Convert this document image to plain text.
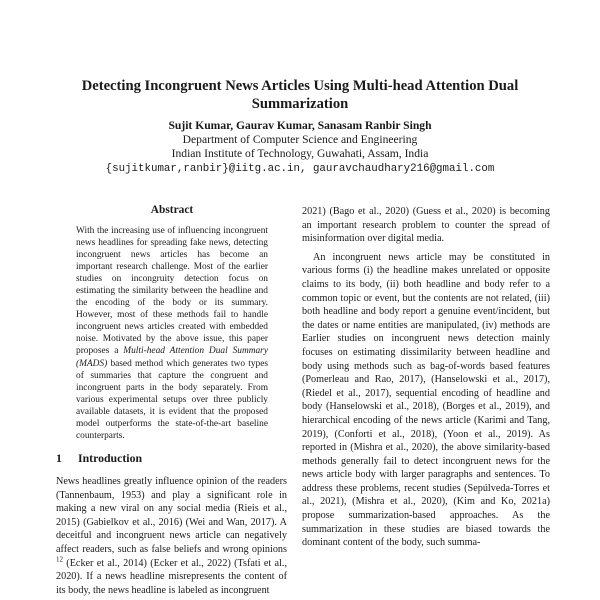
Detecting Incongruent News Articles Using Multi-head Attention Dual Summarization
Sujit Kumar, Gaurav Kumar, Sanasam Ranbir Singh
Department of Computer Science and Engineering
Indian Institute of Technology, Guwahati, Assam, India
{sujitkumar,ranbir}@iitg.ac.in, gauravchaudhary216@gmail.com
Abstract
With the increasing use of influencing incongruent news headlines for spreading fake news, detecting incongruent news articles has become an important research challenge. Most of the earlier studies on incongruity detection focus on estimating the similarity between the headline and the encoding of the body or its summary. However, most of these methods fail to handle incongruent news articles created with embedded noise. Motivated by the above issue, this paper proposes a Multi-head Attention Dual Summary (MADS) based method which generates two types of summaries that capture the congruent and incongruent parts in the body separately. From various experimental setups over three publicly available datasets, it is evident that the proposed model outperforms the state-of-the-art baseline counterparts.
1 Introduction

News headlines greatly influence opinion of the readers (Tannenbaum, 1953) and play a significant role in making a new viral on any social media (Rieis et al., 2015) (Gabielkov et al., 2016) (Wei and Wan, 2017). A deceitful and incongruent news article can negatively affect readers, such as false beliefs and wrong opinions $^{12}$ (Ecker et al., 2014) (Ecker et al., 2022) (Tsfati et al., 2020). If a news headline misrepresents the content of its body, the news headline is labeled as incongruent

2021) (Bago et al., 2020) (Guess et al., 2020) is becoming an important research problem to counter the spread of misinformation over digital media.

An incongruent news article may be constituted in various forms (i) the headline makes unrelated or opposite claims to its body, (ii) both headline and body refer to a common topic or event, but the contents are not related, (iii) both headline and body report a genuine event/incident, but the dates or name entities are manipulated, (iv) methods are Earlier studies on incongruent news detection mainly focuses on estimating dissimilarity between headline and body using methods such as bag-of-words based features (Pomerleau and Rao, 2017), (Hanselowski et al., 2017), (Riedel et al., 2017), sequential encoding of headline and body (Hanselowski et al., 2018), (Borges et al., 2019), and hierarchical encoding of the news article (Karimi and Tang, 2019), (Conforti et al., 2018), (Yoon et al., 2019). As reported in (Mishra et al., 2020), the above similarity-based methods generally fail to detect incongruent news for the news article body with larger paragraphs and sentences. To address these problems, recent studies (Sepúlveda-Torres et al., 2021), (Mishra et al., 2020), (Kim and Ko, 2021a) propose summarization-based approaches. As the summarization in these studies are biased towards the dominant content of the body, such summa-
